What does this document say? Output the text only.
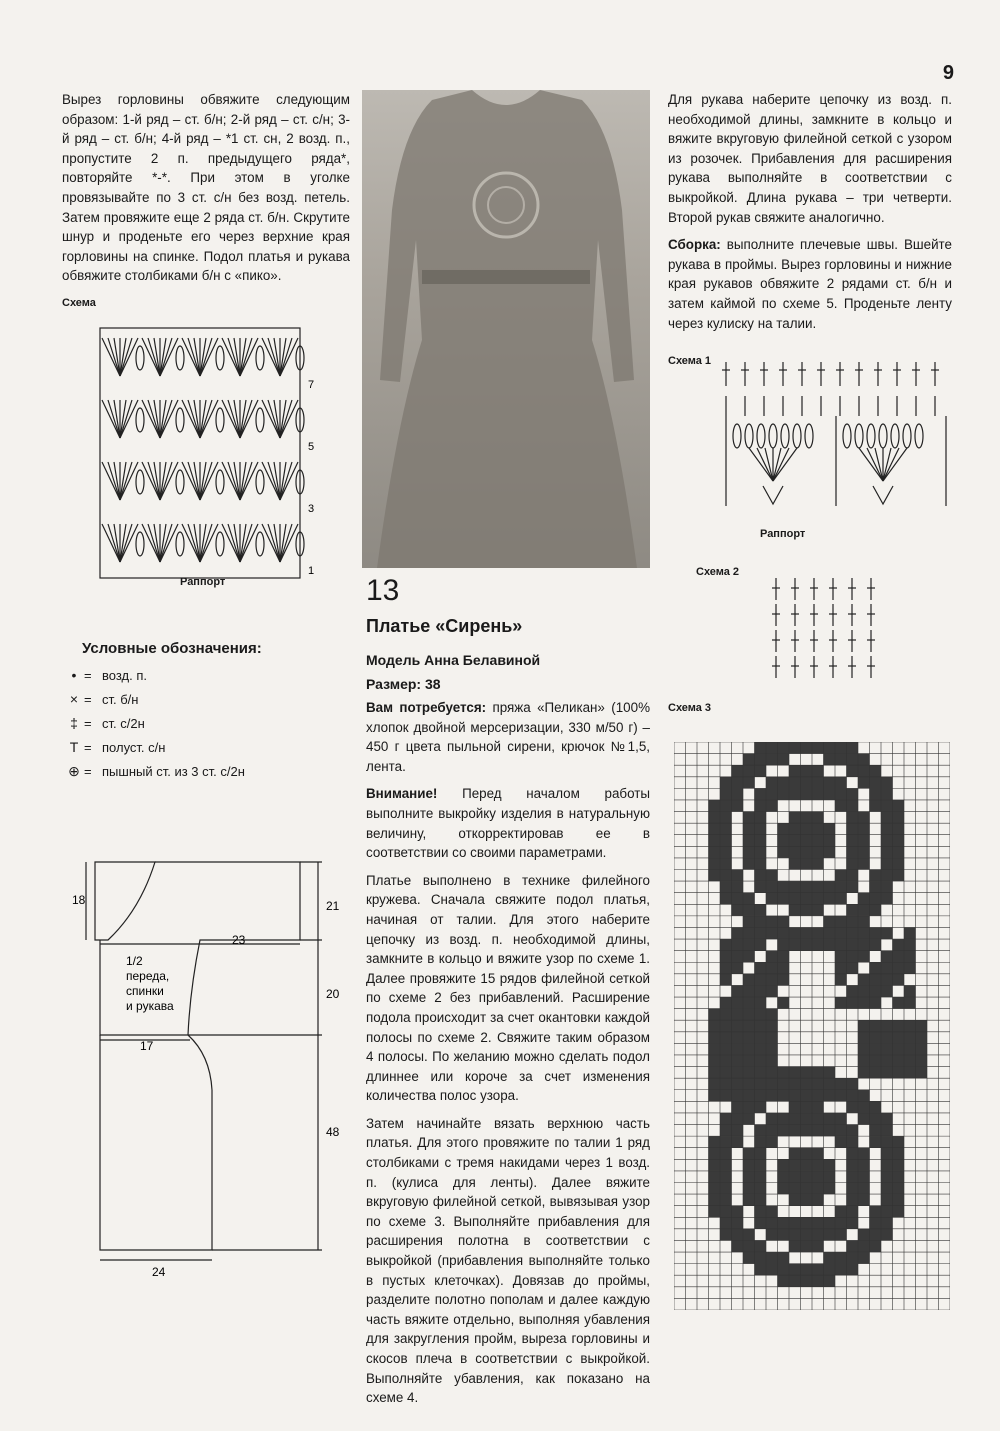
9

Вырез горловины обвяжите следующим образом: 1-й ряд – ст. б/н; 2-й ряд – ст. с/н; 3-й ряд – ст. б/н; 4-й ряд – *1 ст. сн, 2 возд. п., пропустите 2 п. предыдущего ряда*, повторяйте *-*. При этом в уголке провязывайте по 3 ст. с/н без возд. петель. Затем провяжите еще 2 ряда ст. б/н. Скрутите шнур и проденьте его через верхние края горловины на спинке. Подол платья и рукава обвяжите столбиками б/н с «пико».

Схема
7
5
3
1
Раппорт
Условные обозначения:
• = возд. п.
× = ст. б/н
‡ = ст. с/2н
T = полуст. с/н
⊕ = пышный ст. из 3 ст. с/2н
18	21
23
20
17
48
24
1/2 переда, спинки и рукава
13
Платье «Сирень»
Модель Анна Белавиной
Размер: 38

Вам потребуется: пряжа «Пеликан» (100% хлопок двойной мерсеризации, 330 м/50 г) – 450 г цвета пыльной сирени, крючок №1,5, лента.

Внимание! Перед началом работы выполните выкройку изделия в натуральную величину, откорректировав ее в соответствии со своими параметрами.

Платье выполнено в технике филейного кружева. Сначала свяжите подол платья, начиная от талии. Для этого наберите цепочку из возд. п. необходимой длины, замкните в кольцо и вяжите узор по схеме 1. Далее провяжите 15 рядов филейной сеткой по схеме 2 без прибавлений. Расширение подола происходит за счет окантовки каждой полосы по схеме 2. Свяжите таким образом 4 полосы. По желанию можно сделать подол длиннее или короче за счет изменения количества полос узора.

Затем начинайте вязать верхнюю часть платья. Для этого провяжите по талии 1 ряд столбиками с тремя накидами через 1 возд. п. (кулиса для ленты). Далее вяжите вкруговую филейной сеткой, вывязывая узор по схеме 3. Выполняйте прибавления для расширения полотна в соответствии с выкройкой (прибавления выполняйте только в пустых клеточках). Довязав до проймы, разделите полотно пополам и далее каждую часть вяжите отдельно, выполняя убавления для закругления пройм, выреза горловины и скосов плеча в соответствии с выкройкой. Выполняйте убавления, как показано на схеме 4.

Для рукава наберите цепочку из возд. п. необходимой длины, замкните в кольцо и вяжите вкруговую филейной сеткой с узором из розочек. Прибавления для расширения рукава выполняйте в соответствии с выкройкой. Длина рукава – три четверти. Второй рукав свяжите аналогично.

Сборка: выполните плечевые швы. Вшейте рукава в проймы. Вырез горловины и нижние края рукавов обвяжите 2 рядами ст. б/н и затем каймой по схеме 5. Проденьте ленту через кулиску на талии.

Схема 1
Раппорт
Схема 2
Схема 3
